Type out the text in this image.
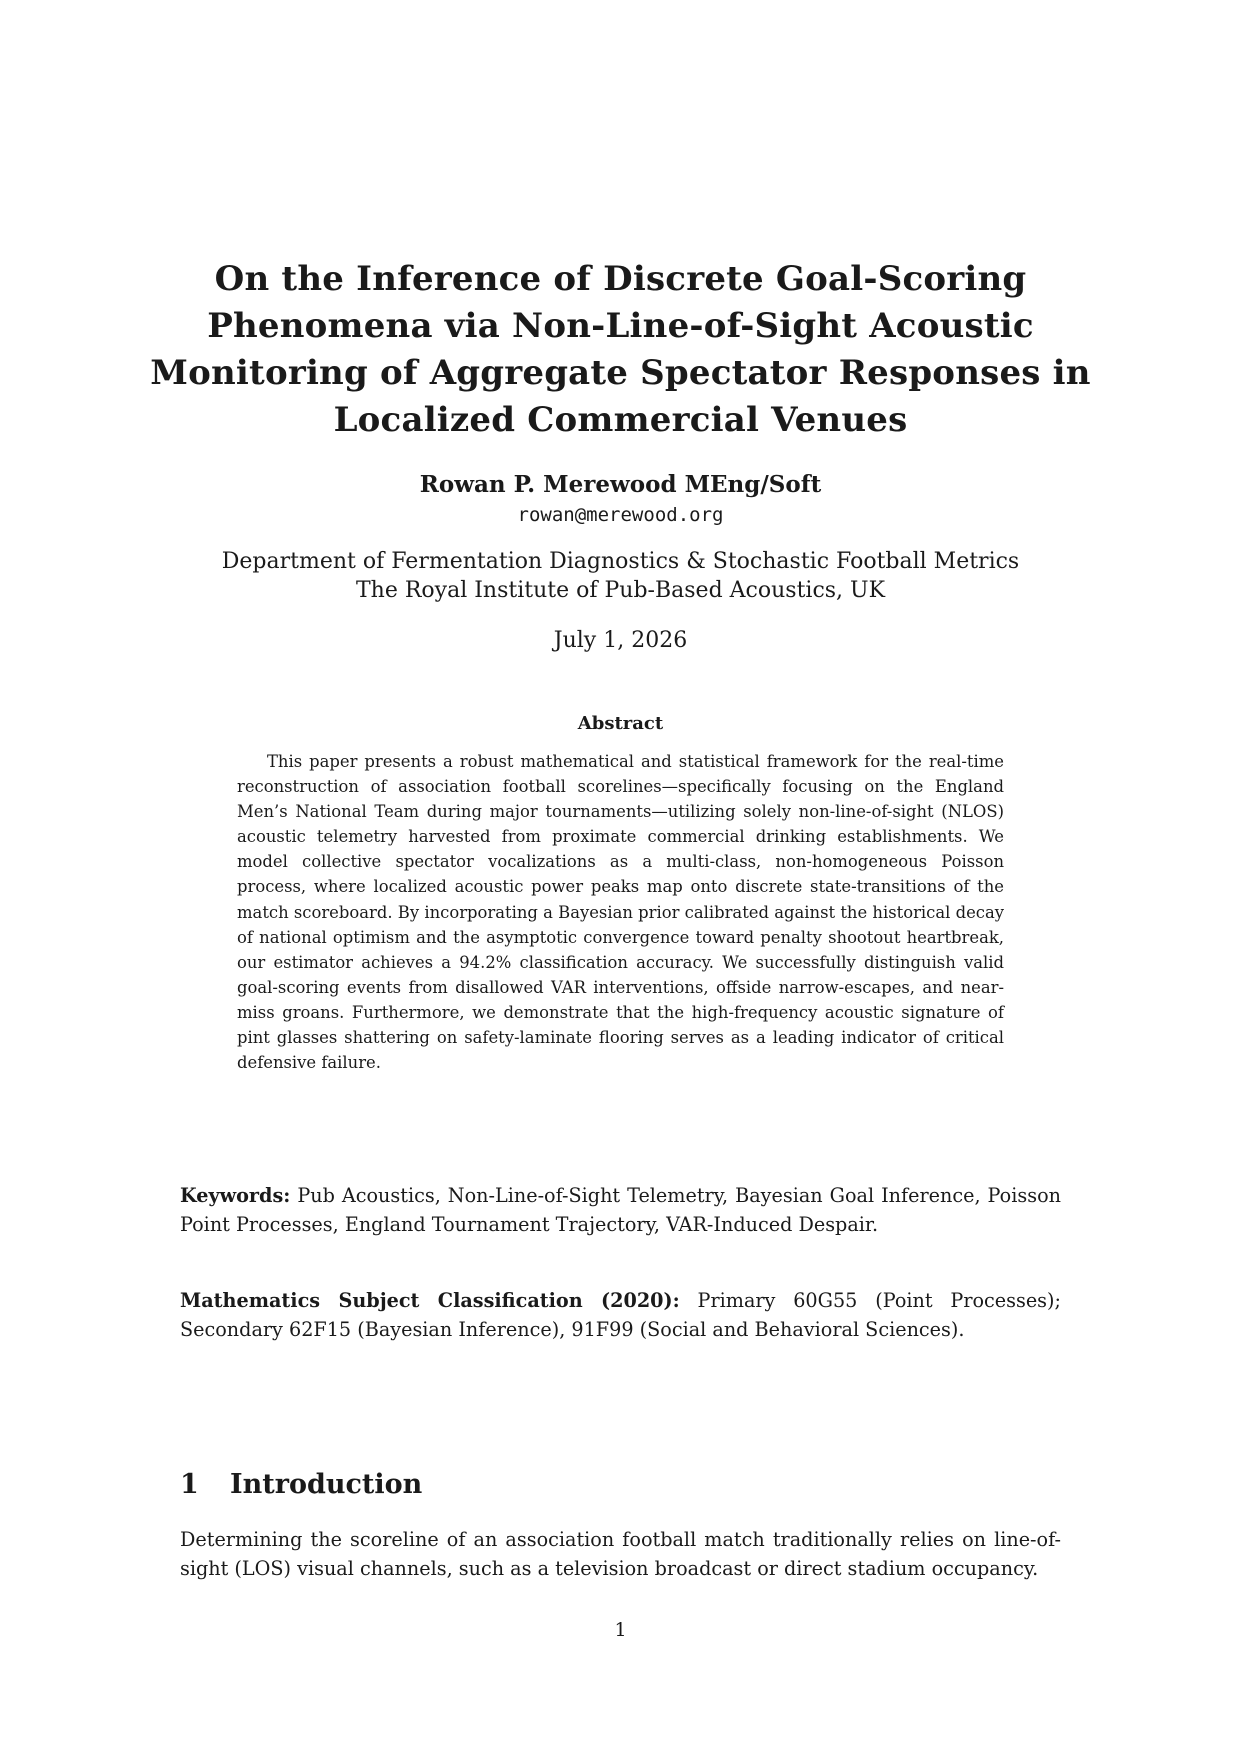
On the Inference of Discrete Goal-Scoring Phenomena via Non-Line-of-Sight Acoustic Monitoring of Aggregate Spectator Responses in Localized Commercial Venues
Rowan P. Merewood MEng/Soft
rowan@merewood.org
Department of Fermentation Diagnostics & Stochastic Football Metrics
The Royal Institute of Pub-Based Acoustics, UK
July 1, 2026
Abstract
This paper presents a robust mathematical and statistical framework for the real-time reconstruction of association football scorelines—specifically focusing on the England Men’s National Team during major tournaments—utilizing solely non-line-of-sight (NLOS) acoustic telemetry harvested from proximate commercial drinking establishments. We model collective spectator vocalizations as a multi-class, non-homogeneous Poisson process, where localized acoustic power peaks map onto discrete state-transitions of the match scoreboard. By incorporating a Bayesian prior calibrated against the historical decay of national optimism and the asymptotic convergence toward penalty shootout heartbreak, our estimator achieves a 94.2% classification accuracy. We successfully distinguish valid goal-scoring events from disallowed VAR interventions, offside narrow-escapes, and near-miss groans. Furthermore, we demonstrate that the high-frequency acoustic signature of pint glasses shattering on safety-laminate flooring serves as a leading indicator of critical defensive failure.
Keywords: Pub Acoustics, Non-Line-of-Sight Telemetry, Bayesian Goal Inference, Poisson Point Processes, England Tournament Trajectory, VAR-Induced Despair.
Mathematics Subject Classification (2020): Primary 60G55 (Point Processes); Secondary 62F15 (Bayesian Inference), 91F99 (Social and Behavioral Sciences).
1 Introduction
Determining the scoreline of an association football match traditionally relies on line-of-sight (LOS) visual channels, such as a television broadcast or direct stadium occupancy.
1
